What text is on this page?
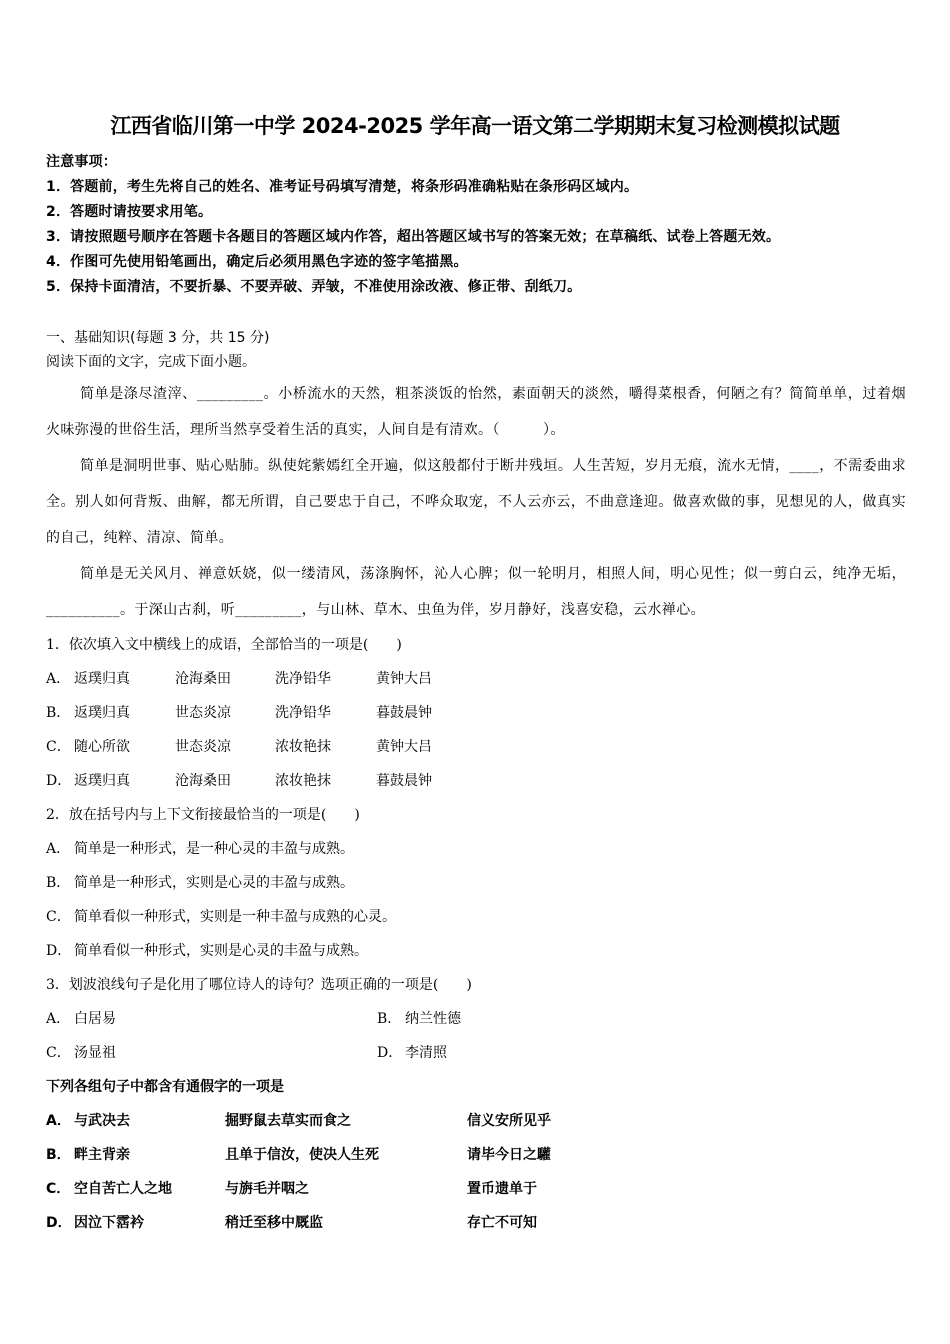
江西省临川第一中学 2024-2025 学年高一语文第二学期期末复习检测模拟试题
注意事项：
1．答题前，考生先将自己的姓名、准考证号码填写清楚，将条形码准确粘贴在条形码区域内。
2．答题时请按要求用笔。
3．请按照题号顺序在答题卡各题目的答题区域内作答，超出答题区域书写的答案无效；在草稿纸、试卷上答题无效。
4．作图可先使用铅笔画出，确定后必须用黑色字迹的签字笔描黑。
5．保持卡面清洁，不要折暴、不要弄破、弄皱，不准使用涂改液、修正带、刮纸刀。
一、基础知识(每题 3 分，共 15 分)
阅读下面的文字，完成下面小题。

简单是涤尽渣滓、_________。小桥流水的天然，粗茶淡饭的怡然，素面朝天的淡然，嚼得菜根香，何陋之有？简简单单，过着烟火味弥漫的世俗生活，理所当然享受着生活的真实，人间自是有清欢。（　　　）。

简单是洞明世事、贴心贴肺。纵使姹紫嫣红全开遍，似这般都付于断井残垣。人生苦短，岁月无痕，流水无情，____，不需委曲求全。别人如何背叛、曲解，都无所谓，自己要忠于自己，不哗众取宠，不人云亦云，不曲意逢迎。做喜欢做的事，见想见的人，做真实的自己，纯粹、清凉、简单。

简单是无关风月、禅意妖娆，似一缕清风，荡涤胸怀，沁人心脾；似一轮明月，相照人间，明心见性；似一剪白云，纯净无垢，__________。于深山古刹，听_________，与山林、草木、虫鱼为伴，岁月静好，浅喜安稳，云水禅心。

1．依次填入文中横线上的成语，全部恰当的一项是(　　)
A． 返璞归真	沧海桑田	洗净铅华	黄钟大吕
B． 返璞归真	世态炎凉	洗净铅华	暮鼓晨钟
C． 随心所欲	世态炎凉	浓妆艳抹	黄钟大吕
D． 返璞归真	沧海桑田	浓妆艳抹	暮鼓晨钟
2．放在括号内与上下文衔接最恰当的一项是(　　)
A． 简单是一种形式，是一种心灵的丰盈与成熟。
B． 简单是一种形式，实则是心灵的丰盈与成熟。
C． 简单看似一种形式，实则是一种丰盈与成熟的心灵。
D． 简单看似一种形式，实则是心灵的丰盈与成熟。
3．划波浪线句子是化用了哪位诗人的诗句？选项正确的一项是(　　)
A． 白居易	B． 纳兰性德
C． 汤显祖	D． 李清照
下列各组句子中都含有通假字的一项是
A． 与武决去	掘野鼠去草实而食之	信义安所见乎
B． 畔主背亲	且单于信汝，使决人生死	请毕今日之驩
C． 空自苦亡人之地	与旃毛并咽之	置币遗单于
D． 因泣下霑衿	稍迁至移中厩监	存亡不可知
